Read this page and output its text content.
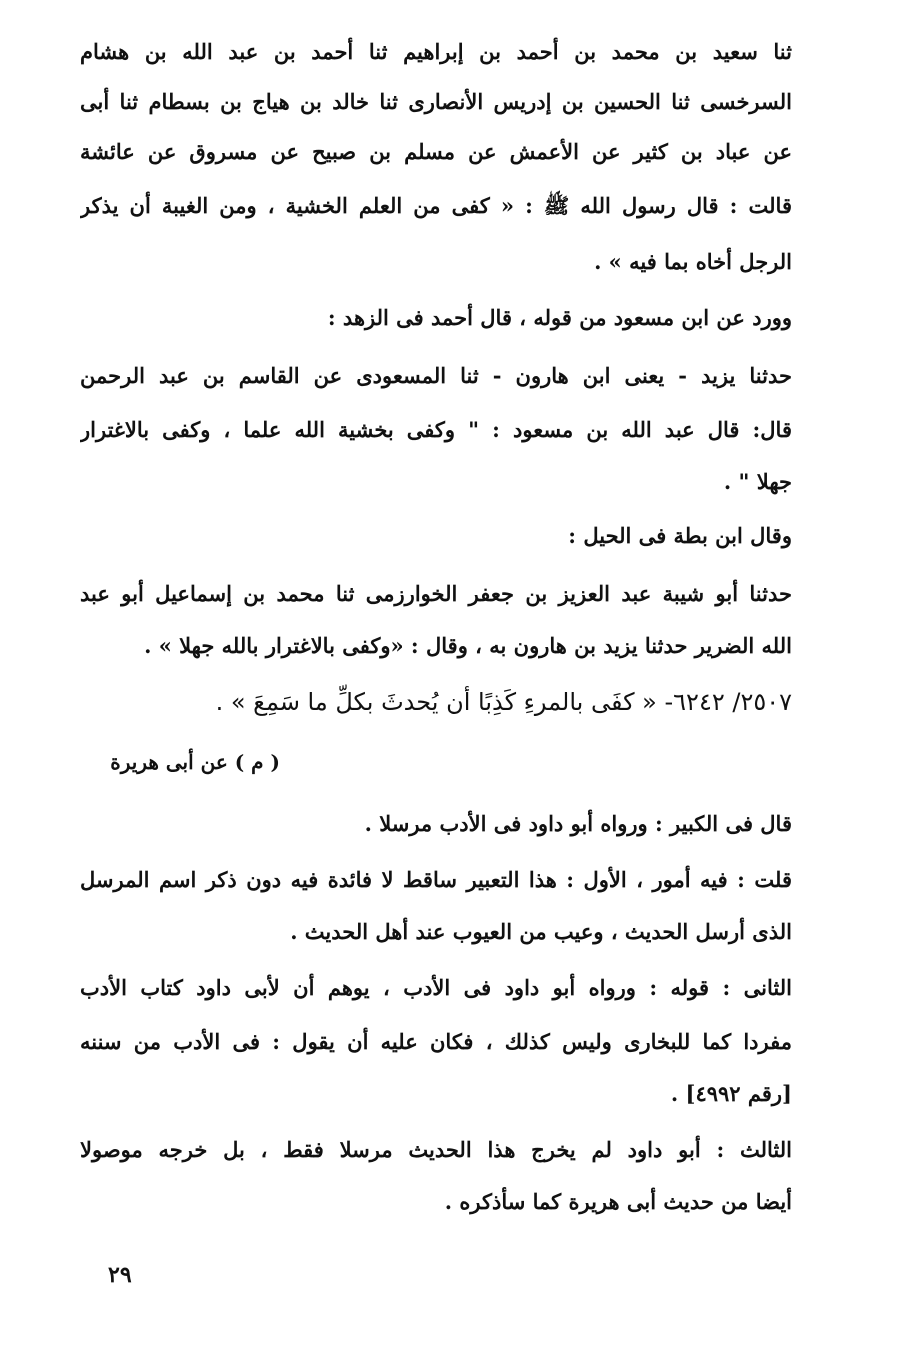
ثنا سعيد بن محمد بن أحمد بن إبراهيم ثنا أحمد بن عبد الله بن هشام
السرخسى ثنا الحسين بن إدريس الأنصارى ثنا خالد بن هياج بن بسطام ثنا أبى
عن عباد بن كثير عن الأعمش عن مسلم بن صبيح عن مسروق عن عائشة
قالت : قال رسول الله ﷺ : « كفى من العلم الخشية ، ومن الغيبة أن يذكر
الرجل أخاه بما فيه » .
وورد عن ابن مسعود من قوله ، قال أحمد فى الزهد :
حدثنا يزيد - يعنى ابن هارون - ثنا المسعودى عن القاسم بن عبد الرحمن
قال: قال عبد الله بن مسعود : " وكفى بخشية الله علما ، وكفى بالاغترار
جهلا " .
وقال ابن بطة فى الحيل :
حدثنا أبو شيبة عبد العزيز بن جعفر الخوارزمى ثنا محمد بن إسماعيل أبو عبد
الله الضرير حدثنا يزيد بن هارون به ، وقال : «وكفى بالاغترار بالله جهلا » .
٢٥٠٧/ ٦٢٤٢- « كفَى بالمرءِ كَذِبًا أن يُحدثَ بكلِّ ما سَمِعَ » .
( م ) عن أبى هريرة
قال فى الكبير : ورواه أبو داود فى الأدب مرسلا .
قلت : فيه أمور ، الأول : هذا التعبير ساقط لا فائدة فيه دون ذكر اسم المرسل
الذى أرسل الحديث ، وعيب من العيوب عند أهل الحديث .
الثانى : قوله : ورواه أبو داود فى الأدب ، يوهم أن لأبى داود كتاب الأدب
مفردا كما للبخارى وليس كذلك ، فكان عليه أن يقول : فى الأدب من سننه
[رقم ٤٩٩٢] .
الثالث : أبو داود لم يخرج هذا الحديث مرسلا فقط ، بل خرجه موصولا
أيضا من حديث أبى هريرة كما سأذكره .
٢٩
